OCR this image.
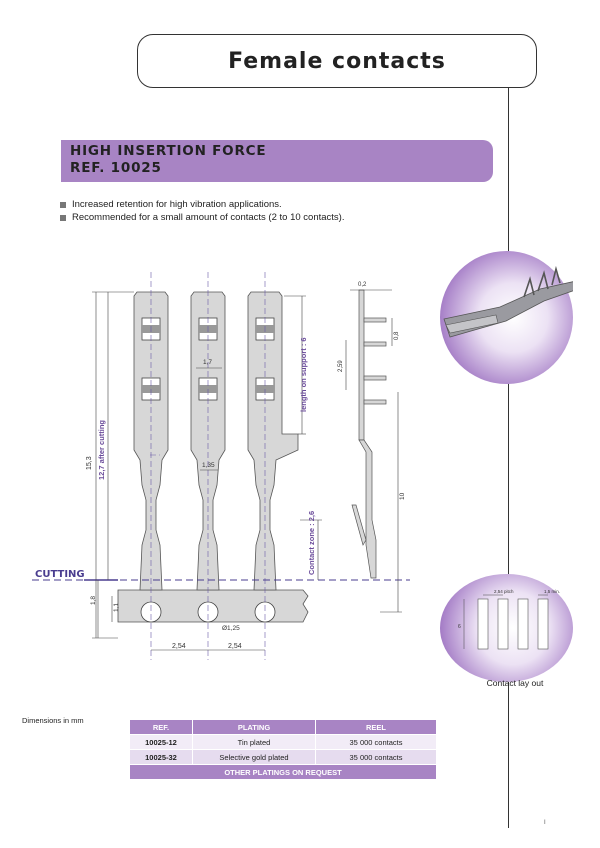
Female contacts
HIGH INSERTION FORCE
REF. 10025
Increased retention for high vibration applications.
Recommended for a small amount of contacts (2 to 10 contacts).
CUTTING
15,3 12,7 after cutting
1,8
1,1
2,54	2,54
1,7
1,35
Ø1,25
length on support : 6
Contact zone : 2,6
0,2
0,8
2,59
10
2,54 pitch	1,5 min.
6
Contact lay out
Dimensions in mm
REF.	PLATING	REEL
10025-12	Tin plated	35 000 contacts
10025-32	Selective gold plated	35 000 contacts
OTHER PLATINGS ON REQUEST		
I
